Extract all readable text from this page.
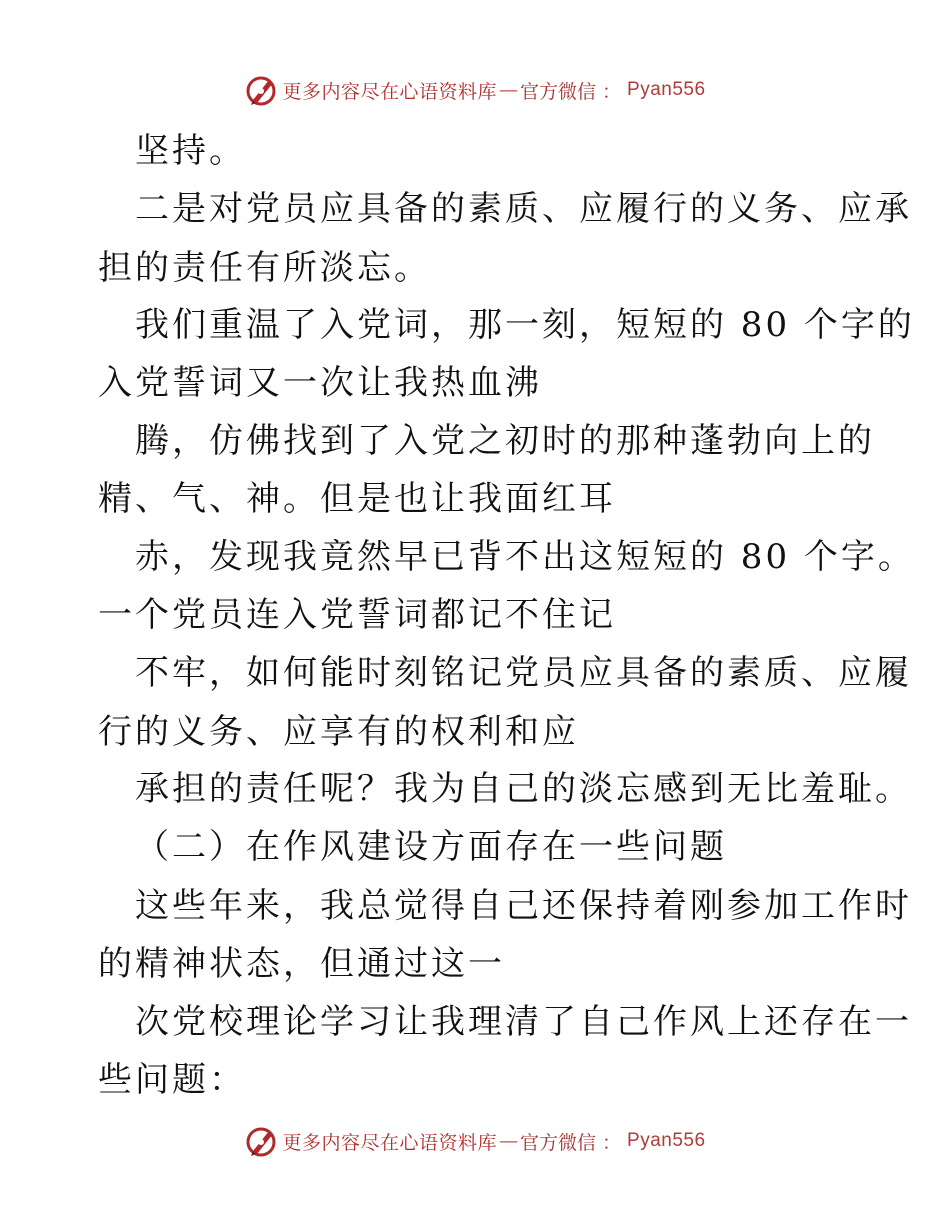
更多内容尽在心语资料库 — 官方微信 ： Pyan556

坚持。

二是对党员应具备的素质、应履行的义务、应承

担的责任有所淡忘。

我们重温了入党词，那一刻，短短的 80 个字的

入党誓词又一次让我热血沸

腾，仿佛找到了入党之初时的那种蓬勃向上的

精、气、神。但是也让我面红耳

赤，发现我竟然早已背不出这短短的 80 个字。

一个党员连入党誓词都记不住记

不牢，如何能时刻铭记党员应具备的素质、应履

行的义务、应享有的权利和应

承担的责任呢？我为自己的淡忘感到无比羞耻。

（二）在作风建设方面存在一些问题

这些年来，我总觉得自己还保持着刚参加工作时

的精神状态，但通过这一

次党校理论学习让我理清了自己作风上还存在一

些问题：

更多内容尽在心语资料库 — 官方微信 ： Pyan556
